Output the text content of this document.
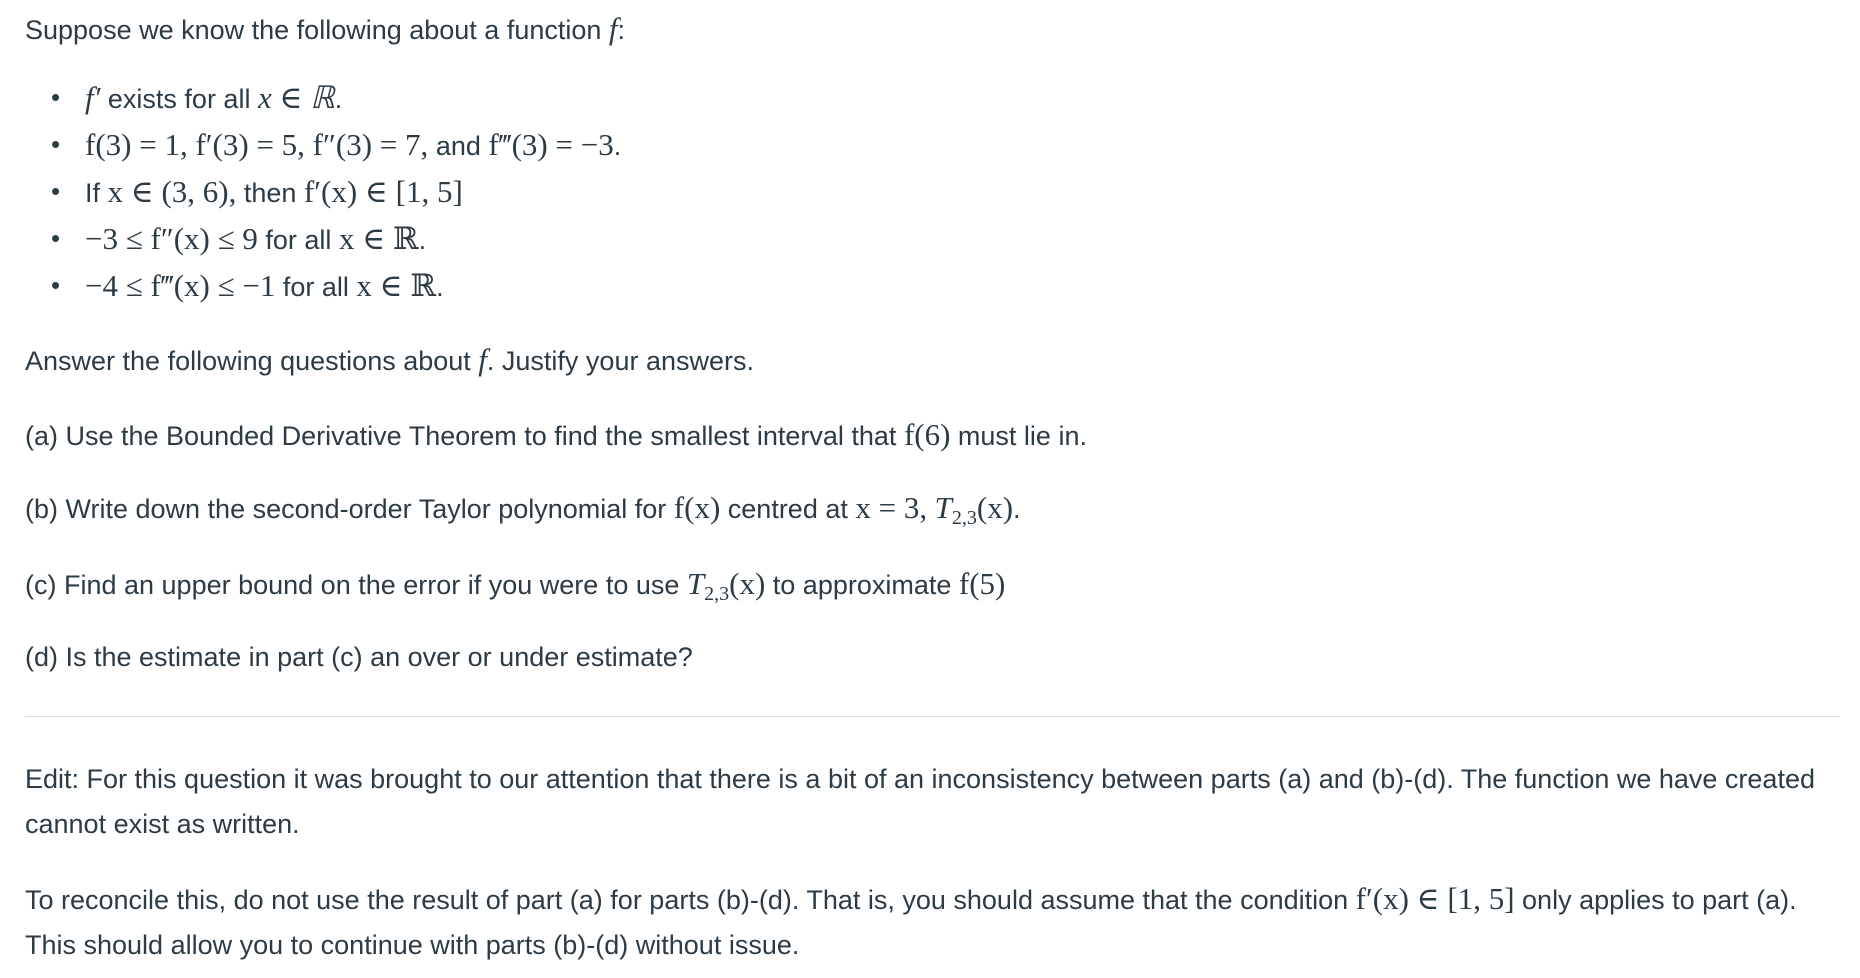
Suppose we know the following about a function f:

• f′ exists for all x ∈ ℝ.
• f(3) = 1, f′(3) = 5, f″(3) = 7, and f‴(3) = −3.
• If x ∈ (3, 6), then f′(x) ∈ [1, 5]
• −3 ≤ f″(x) ≤ 9 for all x ∈ ℝ.
• −4 ≤ f‴(x) ≤ −1 for all x ∈ ℝ.

Answer the following questions about f. Justify your answers.

(a) Use the Bounded Derivative Theorem to find the smallest interval that f(6) must lie in.

(b) Write down the second-order Taylor polynomial for f(x) centred at x = 3, $T_{2,3}(x)$.

(c) Find an upper bound on the error if you were to use $T_{2,3}(x)$ to approximate f(5)

(d) Is the estimate in part (c) an over or under estimate?

Edit: For this question it was brought to our attention that there is a bit of an inconsistency between parts (a) and (b)-(d). The function we have created cannot exist as written.

To reconcile this, do not use the result of part (a) for parts (b)-(d). That is, you should assume that the condition f′(x) ∈ [1, 5] only applies to part (a). This should allow you to continue with parts (b)-(d) without issue.
